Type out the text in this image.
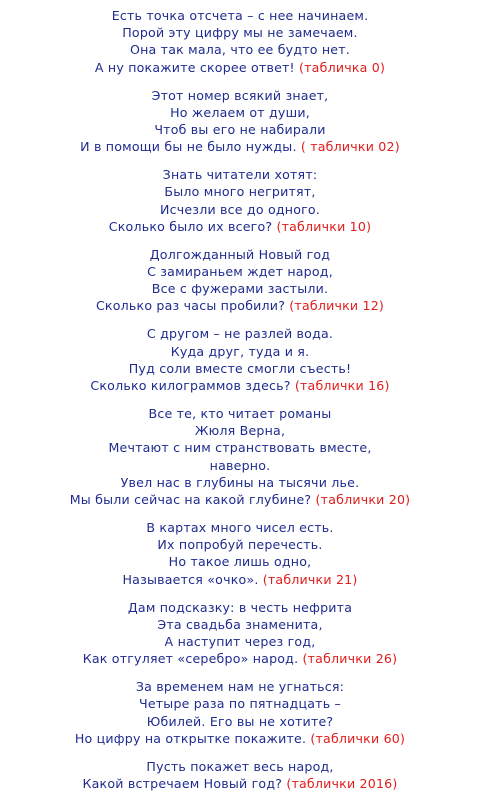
Есть точка отсчета – с нее начинаем.
Порой эту цифру мы не замечаем.
Она так мала, что ее будто нет.
А ну покажите скорее ответ! (табличка 0)
Этот номер всякий знает,
Но желаем от души,
Чтоб вы его не набирали
И в помощи бы не было нужды. ( таблички 02)
Знать читатели хотят:
Было много негритят,
Исчезли все до одного.
Сколько было их всего? (таблички 10)
Долгожданный Новый год
С замираньем ждет народ,
Все с фужерами застыли.
Сколько раз часы пробили? (таблички 12)
С другом – не разлей вода.
Куда друг, туда и я.
Пуд соли вместе смогли съесть!
Сколько килограммов здесь? (таблички 16)
Все те, кто читает романы
Жюля Верна,
Мечтают с ним странствовать вместе,
наверно.
Увел нас в глубины на тысячи лье.
Мы были сейчас на какой глубине? (таблички 20)
В картах много чисел есть.
Их попробуй перечесть.
Но такое лишь одно,
Называется «очко». (таблички 21)
Дам подсказку: в честь нефрита
Эта свадьба знаменита,
А наступит через год,
Как отгуляет «серебро» народ. (таблички 26)
За временем нам не угнаться:
Четыре раза по пятнадцать –
Юбилей. Его вы не хотите?
Но цифру на открытке покажите. (таблички 60)
Пусть покажет весь народ,
Какой встречаем Новый год? (таблички 2016)
